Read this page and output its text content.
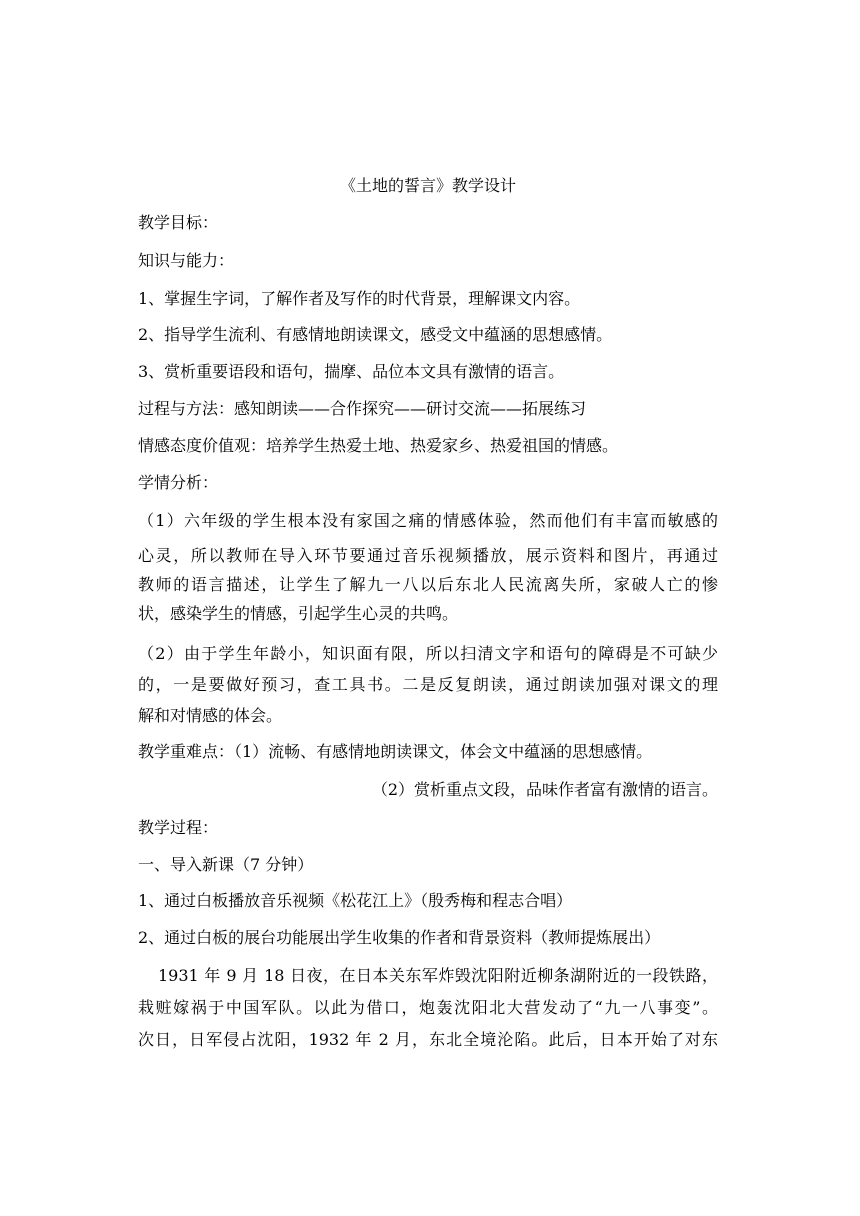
《土地的誓言》教学设计
教学目标：
知识与能力：
1、掌握生字词，了解作者及写作的时代背景，理解课文内容。
2、指导学生流利、有感情地朗读课文，感受文中蕴涵的思想感情。
3、赏析重要语段和语句，揣摩、品位本文具有激情的语言。
过程与方法：感知朗读——合作探究——研讨交流——拓展练习
情感态度价值观：培养学生热爱土地、热爱家乡、热爱祖国的情感。
学情分析：
（1）六年级的学生根本没有家国之痛的情感体验，然而他们有丰富而敏感的
心灵，所以教师在导入环节要通过音乐视频播放，展示资料和图片，再通过
教师的语言描述，让学生了解九一八以后东北人民流离失所，家破人亡的惨
状，感染学生的情感，引起学生心灵的共鸣。
（2）由于学生年龄小，知识面有限，所以扫清文字和语句的障碍是不可缺少
的，一是要做好预习，查工具书。二是反复朗读，通过朗读加强对课文的理
解和对情感的体会。
教学重难点：（1）流畅、有感情地朗读课文，体会文中蕴涵的思想感情。
（2）赏析重点文段，品味作者富有激情的语言。
教学过程：
一、导入新课（7 分钟）
1、通过白板播放音乐视频《松花江上》（殷秀梅和程志合唱）
2、通过白板的展台功能展出学生收集的作者和背景资料（教师提炼展出）
1931 年 9 月 18 日夜，在日本关东军炸毁沈阳附近柳条湖附近的一段铁路，
栽赃嫁祸于中国军队。以此为借口，炮轰沈阳北大营发动了“九一八事变”。
次日，日军侵占沈阳，1932 年 2 月，东北全境沦陷。此后，日本开始了对东
